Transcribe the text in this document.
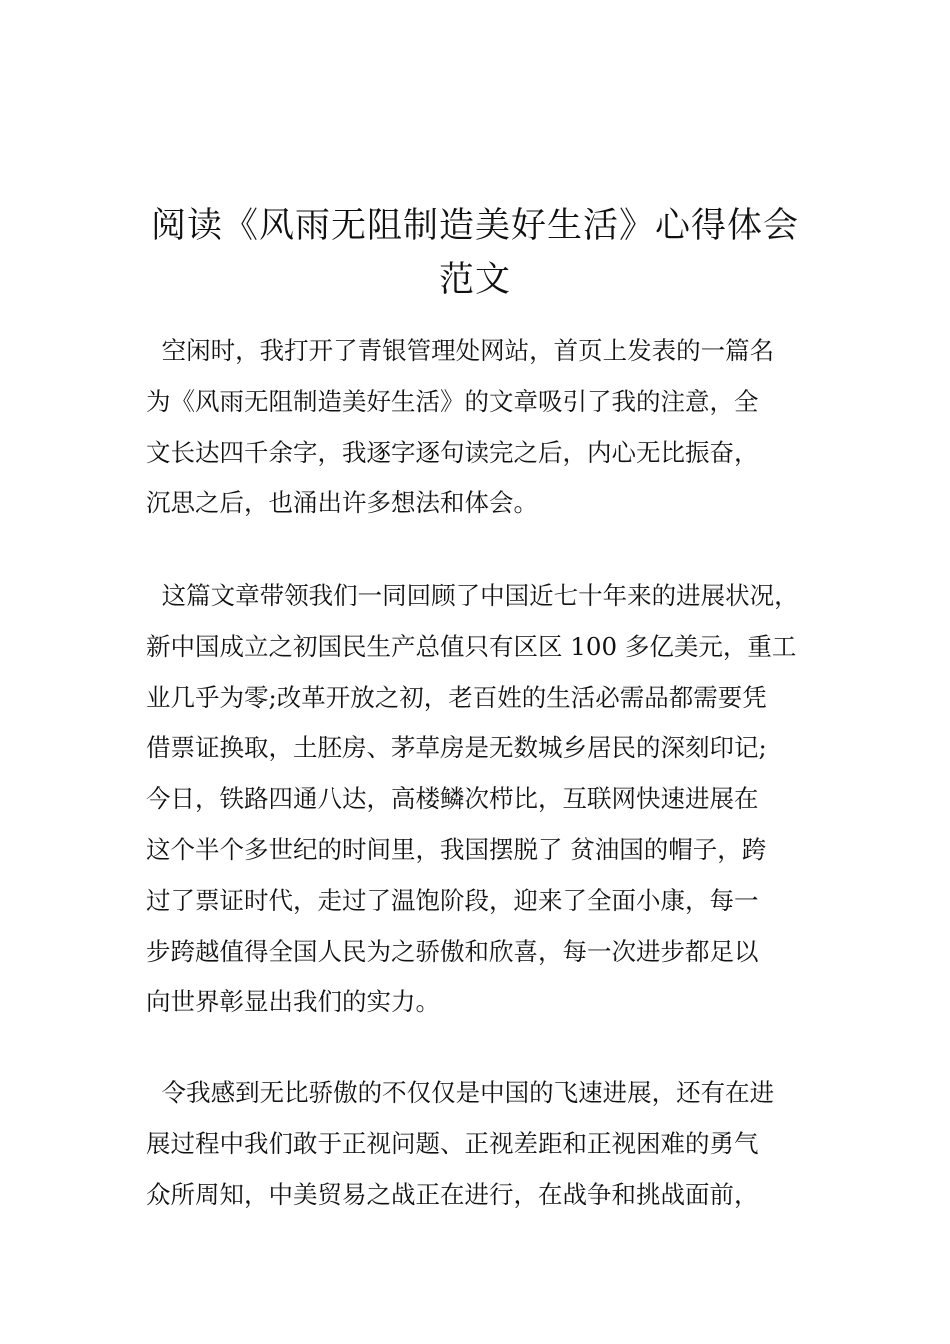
阅读《风雨无阻制造美好生活》心得体会
范文
空闲时，我打开了青银管理处网站，首页上发表的一篇名
为《风雨无阻制造美好生活》的文章吸引了我的注意，全
文长达四千余字，我逐字逐句读完之后，内心无比振奋，
沉思之后，也涌出许多想法和体会。
这篇文章带领我们一同回顾了中国近七十年来的进展状况，
新中国成立之初国民生产总值只有区区 100 多亿美元，重工
业几乎为零;改革开放之初，老百姓的生活必需品都需要凭
借票证换取，土胚房、茅草房是无数城乡居民的深刻印记;
今日，铁路四通八达，高楼鳞次栉比，互联网快速进展在
这个半个多世纪的时间里，我国摆脱了 贫油国的帽子，跨
过了票证时代，走过了温饱阶段，迎来了全面小康，每一
步跨越值得全国人民为之骄傲和欣喜，每一次进步都足以
向世界彰显出我们的实力。
令我感到无比骄傲的不仅仅是中国的飞速进展，还有在进
展过程中我们敢于正视问题、正视差距和正视困难的勇气
众所周知，中美贸易之战正在进行，在战争和挑战面前，
